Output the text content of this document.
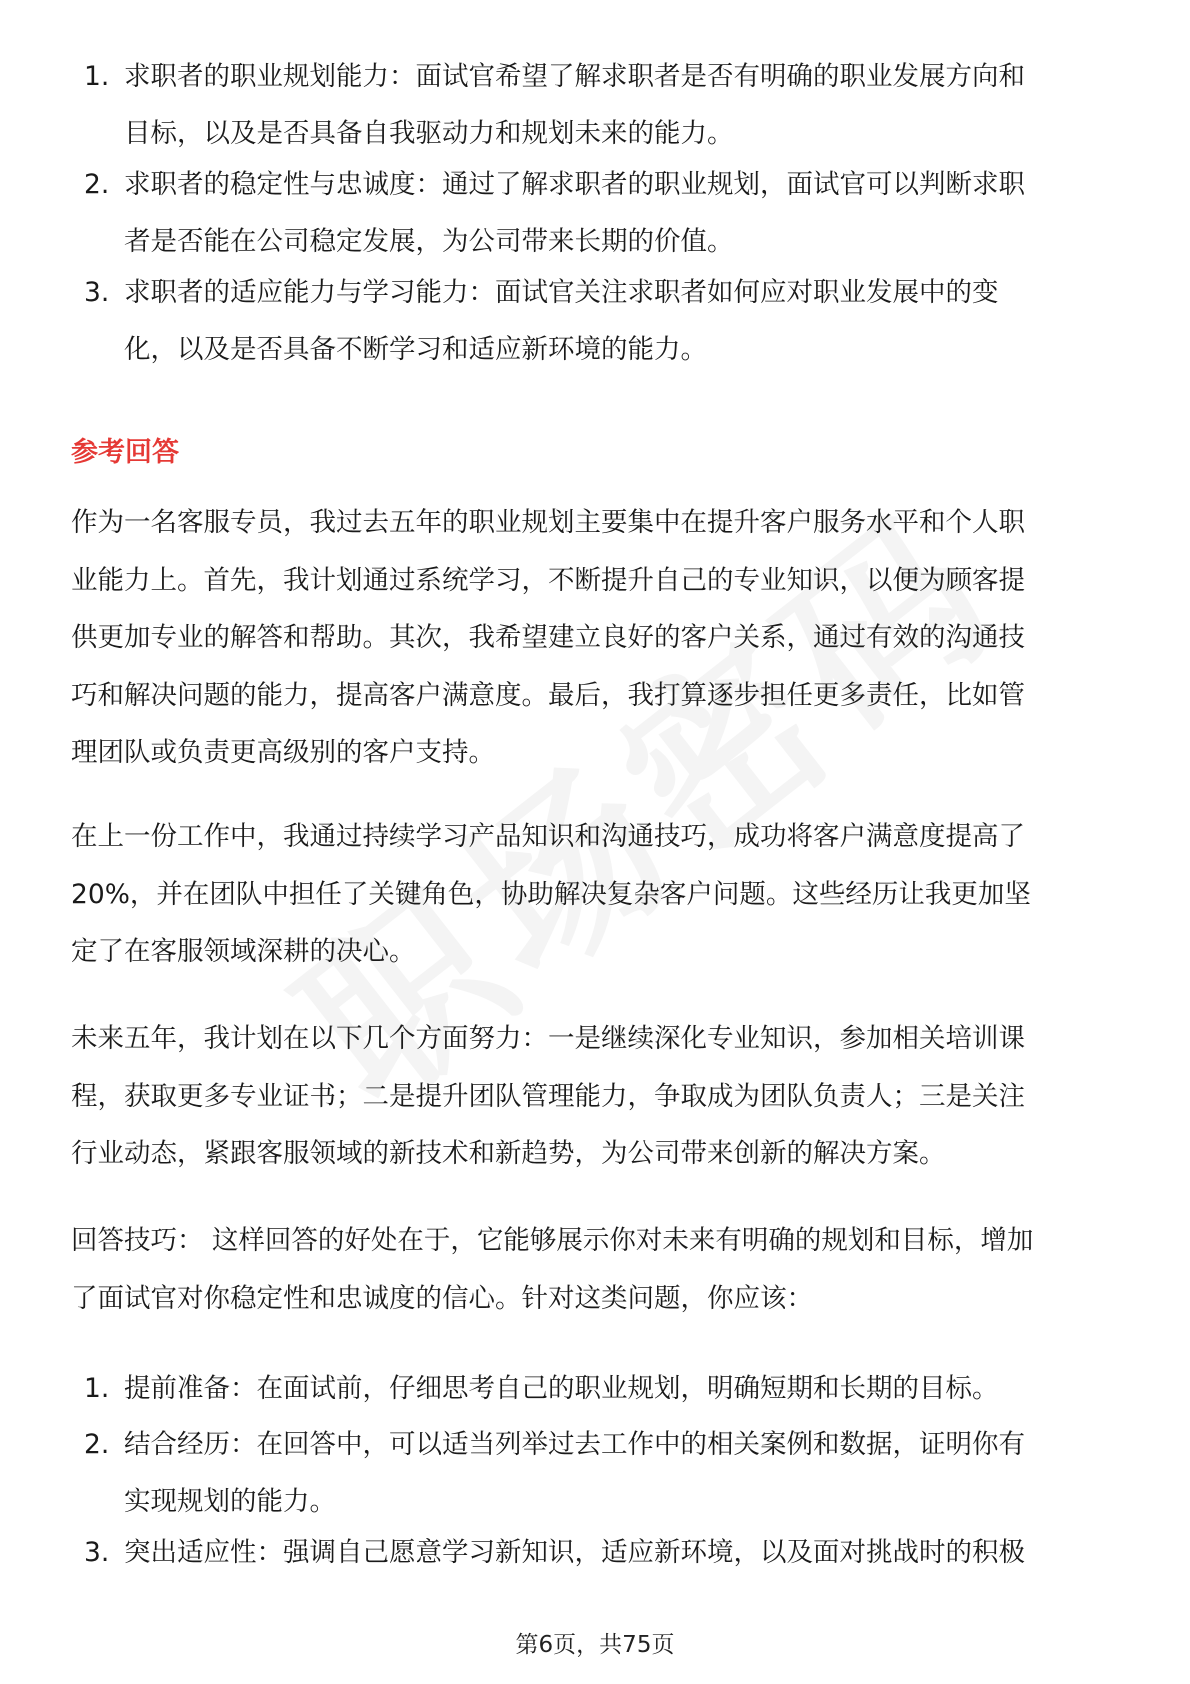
1. 求职者的职业规划能力：面试官希望了解求职者是否有明确的职业发展方向和
目标，以及是否具备自我驱动力和规划未来的能力。
2. 求职者的稳定性与忠诚度：通过了解求职者的职业规划，面试官可以判断求职
者是否能在公司稳定发展，为公司带来长期的价值。
3. 求职者的适应能力与学习能力：面试官关注求职者如何应对职业发展中的变
化，以及是否具备不断学习和适应新环境的能力。
参考回答
作为一名客服专员，我过去五年的职业规划主要集中在提升客户服务水平和个人职
业能力上。首先，我计划通过系统学习，不断提升自己的专业知识，以便为顾客提
供更加专业的解答和帮助。其次，我希望建立良好的客户关系，通过有效的沟通技
巧和解决问题的能力，提高客户满意度。最后，我打算逐步担任更多责任，比如管
理团队或负责更高级别的客户支持。
在上一份工作中，我通过持续学习产品知识和沟通技巧，成功将客户满意度提高了
20%，并在团队中担任了关键角色，协助解决复杂客户问题。这些经历让我更加坚
定了在客服领域深耕的决心。
未来五年，我计划在以下几个方面努力：一是继续深化专业知识，参加相关培训课
程，获取更多专业证书；二是提升团队管理能力，争取成为团队负责人；三是关注
行业动态，紧跟客服领域的新技术和新趋势，为公司带来创新的解决方案。
回答技巧： 这样回答的好处在于，它能够展示你对未来有明确的规划和目标，增加
了面试官对你稳定性和忠诚度的信心。针对这类问题，你应该：
1. 提前准备：在面试前，仔细思考自己的职业规划，明确短期和长期的目标。
2. 结合经历：在回答中，可以适当列举过去工作中的相关案例和数据，证明你有
实现规划的能力。
3. 突出适应性：强调自己愿意学习新知识，适应新环境，以及面对挑战时的积极
第6页，共75页
